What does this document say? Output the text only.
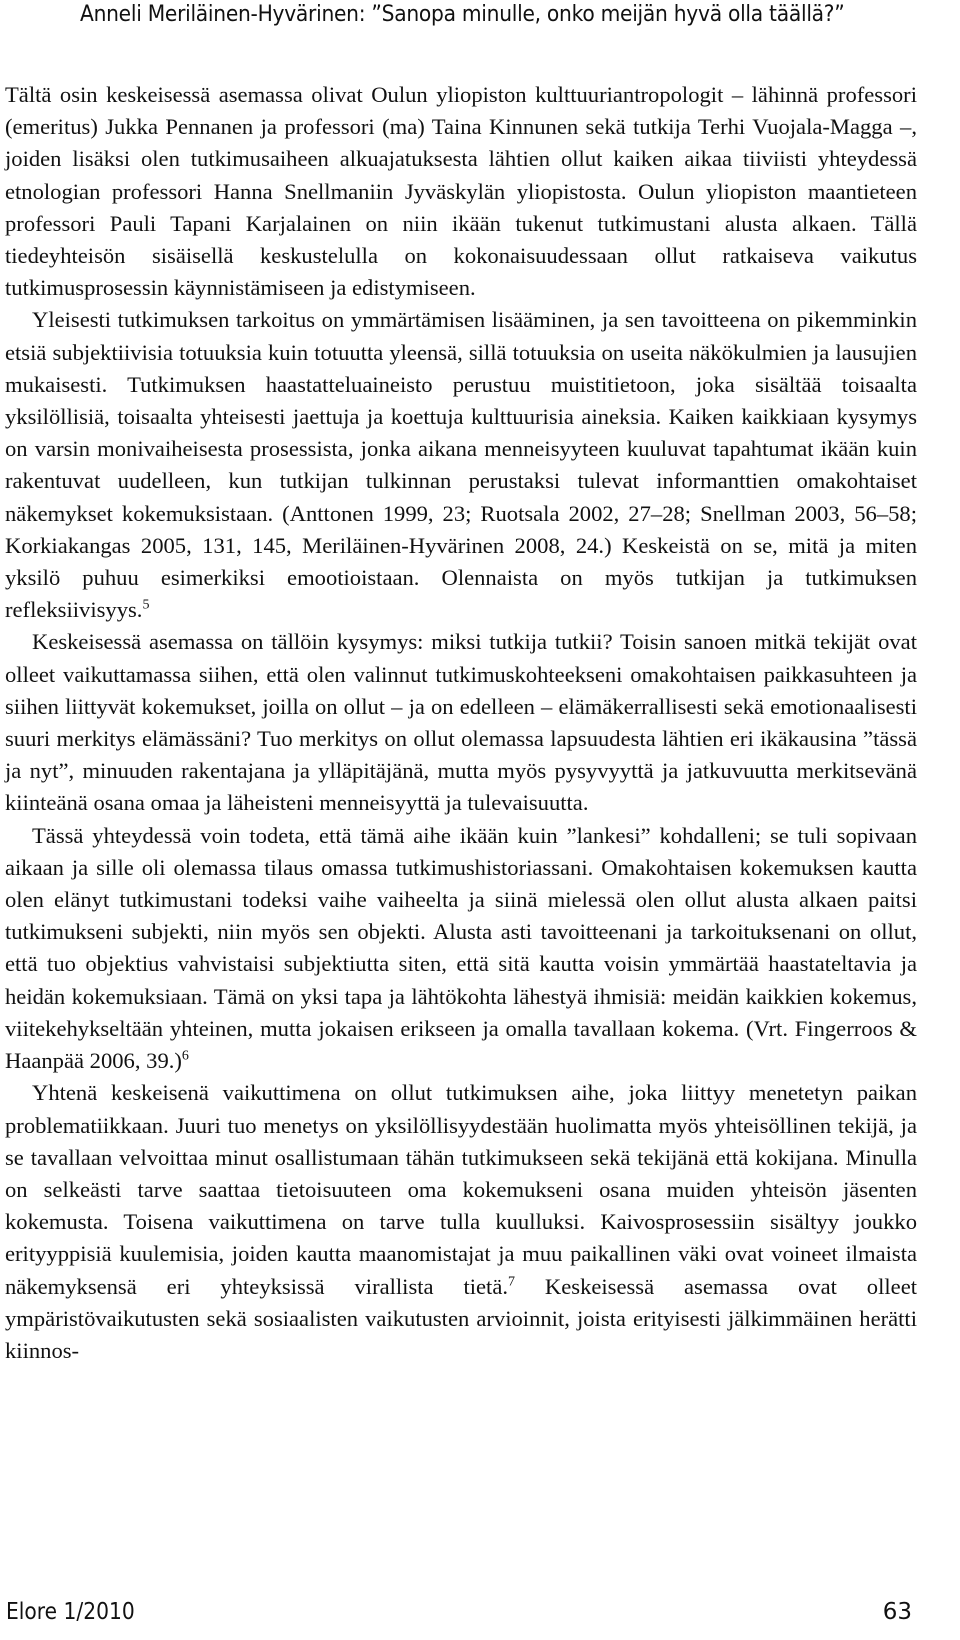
Anneli Meriläinen-Hyvärinen: ”Sanopa minulle, onko meijän hyvä olla täällä?”

Tältä osin keskeisessä asemassa olivat Oulun yliopiston kulttuuriantropologit – lähinnä professori (emeritus) Jukka Pennanen ja professori (ma) Taina Kinnunen sekä tutkija Terhi Vuojala-Magga –, joiden lisäksi olen tutkimusaiheen alkuajatuksesta lähtien ollut kaiken aikaa tiiviisti yhteydessä etnologian professori Hanna Snellmaniin Jyväskylän yliopistosta. Oulun yliopiston maantieteen professori Pauli Tapani Karjalainen on niin ikään tukenut tutkimustani alusta alkaen. Tällä tiedeyhteisön sisäisellä keskustelulla on kokonaisuudessaan ollut ratkaiseva vaikutus tutkimusprosessin käynnistämiseen ja edistymiseen.

Yleisesti tutkimuksen tarkoitus on ymmärtämisen lisääminen, ja sen tavoitteena on pikemminkin etsiä subjektiivisia totuuksia kuin totuutta yleensä, sillä totuuksia on useita näkökulmien ja lausujien mukaisesti. Tutkimuksen haastatteluaineisto perustuu muistitietoon, joka sisältää toisaalta yksilöllisiä, toisaalta yhteisesti jaettuja ja koettuja kulttuurisia aineksia. Kaiken kaikkiaan kysymys on varsin monivaiheisesta prosessista, jonka aikana menneisyyteen kuuluvat tapahtumat ikään kuin rakentuvat uudelleen, kun tutkijan tulkinnan perustaksi tulevat informanttien omakohtaiset näkemykset kokemuksistaan. (Anttonen 1999, 23; Ruotsala 2002, 27–28; Snellman 2003, 56–58; Korkiakangas 2005, 131, 145, Meriläinen-Hyvärinen 2008, 24.) Keskeistä on se, mitä ja miten yksilö puhuu esimerkiksi emootioistaan. Olennaista on myös tutkijan ja tutkimuksen refleksiivisyys.$^5$

Keskeisessä asemassa on tällöin kysymys: miksi tutkija tutkii? Toisin sanoen mitkä tekijät ovat olleet vaikuttamassa siihen, että olen valinnut tutkimuskohteekseni omakohtaisen paikkasuhteen ja siihen liittyvät kokemukset, joilla on ollut – ja on edelleen – elämäkerrallisesti sekä emotionaalisesti suuri merkitys elämässäni? Tuo merkitys on ollut olemassa lapsuudesta lähtien eri ikäkausina ”tässä ja nyt”, minuuden rakentajana ja ylläpitäjänä, mutta myös pysyvyyttä ja jatkuvuutta merkitsevänä kiinteänä osana omaa ja läheisteni menneisyyttä ja tulevaisuutta.

Tässä yhteydessä voin todeta, että tämä aihe ikään kuin ”lankesi” kohdalleni; se tuli sopivaan aikaan ja sille oli olemassa tilaus omassa tutkimushistoriassani. Omakohtaisen kokemuksen kautta olen elänyt tutkimustani todeksi vaihe vaiheelta ja siinä mielessä olen ollut alusta alkaen paitsi tutkimukseni subjekti, niin myös sen objekti. Alusta asti tavoitteenani ja tarkoituksenani on ollut, että tuo objektius vahvistaisi subjektiutta siten, että sitä kautta voisin ymmärtää haastateltavia ja heidän kokemuksiaan. Tämä on yksi tapa ja lähtökohta lähestyä ihmisiä: meidän kaikkien kokemus, viitekehykseltään yhteinen, mutta jokaisen erikseen ja omalla tavallaan kokema. (Vrt. Fingerroos & Haanpää 2006, 39.)$^6$

Yhtenä keskeisenä vaikuttimena on ollut tutkimuksen aihe, joka liittyy menetetyn paikan problematiikkaan. Juuri tuo menetys on yksilöllisyydestään huolimatta myös yhteisöllinen tekijä, ja se tavallaan velvoittaa minut osallistumaan tähän tutkimukseen sekä tekijänä että kokijana. Minulla on selkeästi tarve saattaa tietoisuuteen oma kokemukseni osana muiden yhteisön jäsenten kokemusta. Toisena vaikuttimena on tarve tulla kuulluksi. Kaivosprosessiin sisältyy joukko erityyppisiä kuulemisia, joiden kautta maanomistajat ja muu paikallinen väki ovat voineet ilmaista näkemyksensä eri yhteyksissä virallista tietä.$^7$ Keskeisessä asemassa ovat olleet ympäristövaikutusten sekä sosiaalisten vaikutusten arvioinnit, joista erityisesti jälkimmäinen herätti kiinnos-

Elore 1/2010	63
